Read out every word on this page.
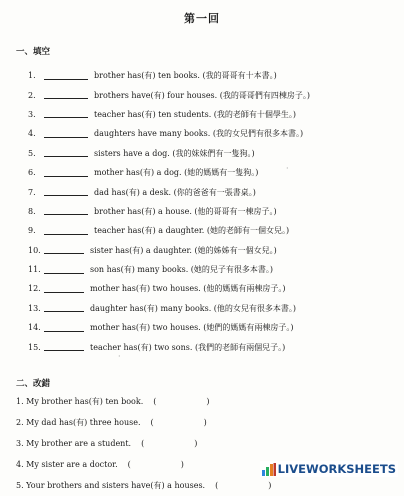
第一回
一、填空
1.	brother has(有) ten books. (我的哥哥有十本書。)
2.	brothers have(有) four houses. (我的哥哥們有四棟房子。)
3.	teacher has(有) ten students. (我的老師有十個學生。)
4.	daughters have many books. (我的女兒們有很多本書。)
5.	sisters have a dog. (我的妹妹們有一隻狗。)
6.	mother has(有) a dog. (她的媽媽有一隻狗。)
7.	dad has(有) a desk. (你的爸爸有一張書桌。)
8.	brother has(有) a house. (他的哥哥有一棟房子。)
9.	teacher has(有) a daughter. (她的老師有一個女兒。)
10.	sister has(有) a daughter. (她的姊姊有一個女兒。)
11.	son has(有) many books. (她的兒子有很多本書。)
12.	mother has(有) two houses. (他的媽媽有兩棟房子。)
13.	daughter has(有) many books. (他的女兒有很多本書。)
14.	mother has(有) two houses. (她們的媽媽有兩棟房子。)
15.	teacher has(有) two sons. (我們的老師有兩個兒子。)
二、改錯
1. My brother has(有) ten book. (	)
2. My dad has(有) three house. (	)
3. My brother are a student. (	)
4. My sister are a doctor. (	)
5. Your brothers and sisters have(有) a houses. (	)
·
·
LIVEWORKSHEETS
